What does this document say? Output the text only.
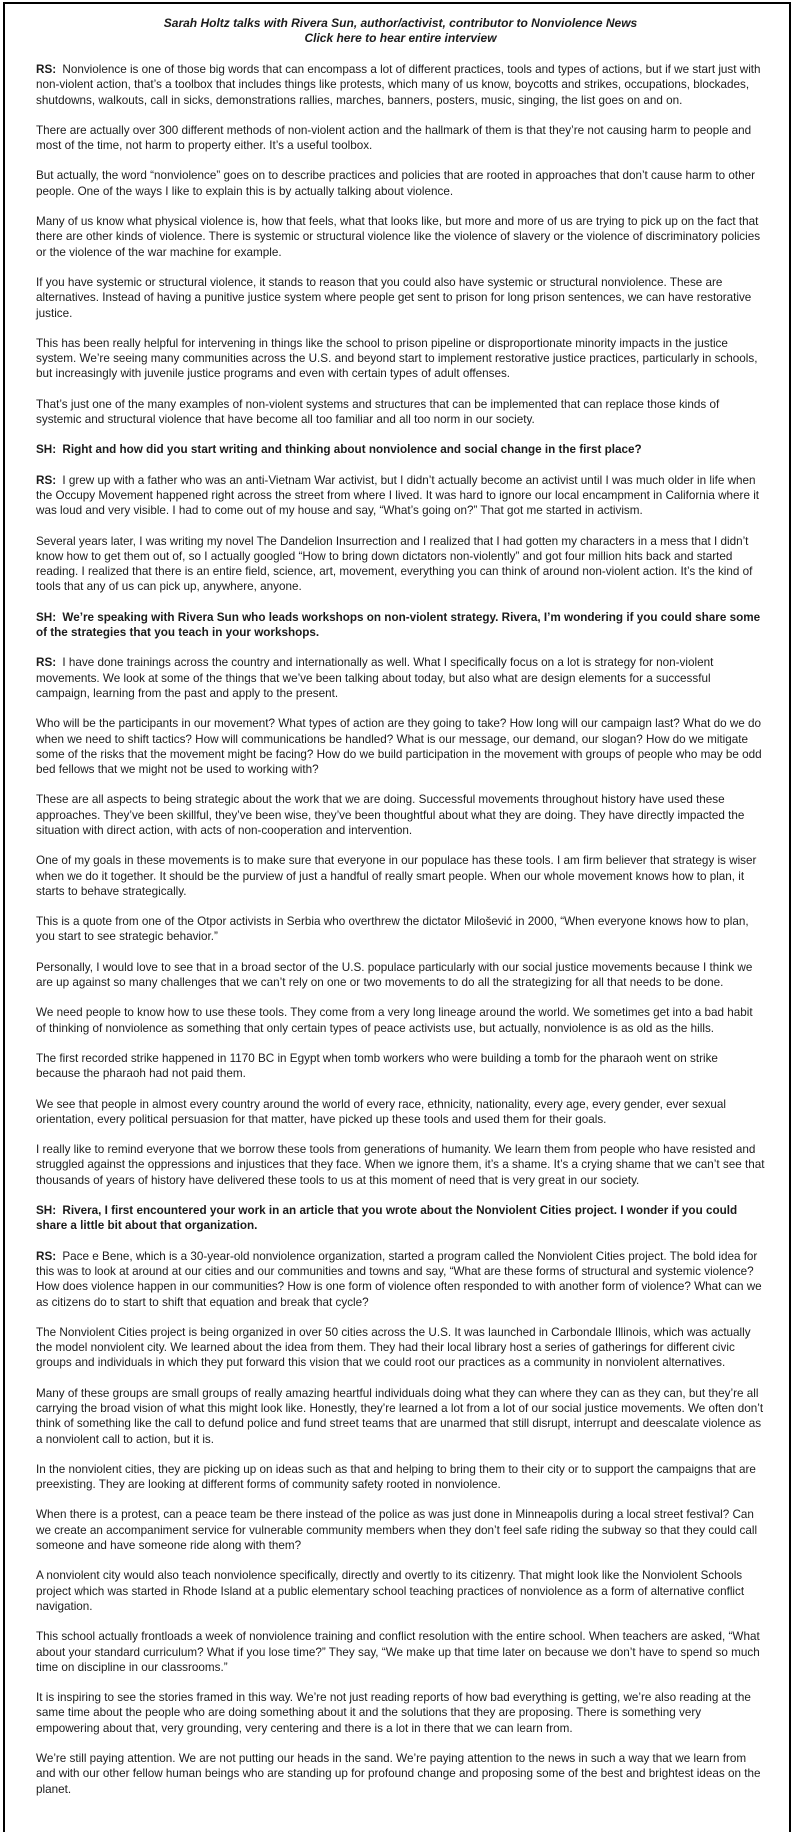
Sarah Holtz talks with Rivera Sun, author/activist, contributor to Nonviolence News
Click here to hear entire interview

RS: Nonviolence is one of those big words that can encompass a lot of different practices, tools and types of actions, but if we start just with non-violent action, that’s a toolbox that includes things like protests, which many of us know, boycotts and strikes, occupations, blockades, shutdowns, walkouts, call in sicks, demonstrations rallies, marches, banners, posters, music, singing, the list goes on and on.

There are actually over 300 different methods of non-violent action and the hallmark of them is that they’re not causing harm to people and most of the time, not harm to property either. It’s a useful toolbox.

But actually, the word “nonviolence” goes on to describe practices and policies that are rooted in approaches that don’t cause harm to other people. One of the ways I like to explain this is by actually talking about violence.

Many of us know what physical violence is, how that feels, what that looks like, but more and more of us are trying to pick up on the fact that there are other kinds of violence. There is systemic or structural violence like the violence of slavery or the violence of discriminatory policies or the violence of the war machine for example.

If you have systemic or structural violence, it stands to reason that you could also have systemic or structural nonviolence. These are alternatives. Instead of having a punitive justice system where people get sent to prison for long prison sentences, we can have restorative justice.

This has been really helpful for intervening in things like the school to prison pipeline or disproportionate minority impacts in the justice system. We’re seeing many communities across the U.S. and beyond start to implement restorative justice practices, particularly in schools, but increasingly with juvenile justice programs and even with certain types of adult offenses.

That’s just one of the many examples of non-violent systems and structures that can be implemented that can replace those kinds of systemic and structural violence that have become all too familiar and all too norm in our society.

SH: Right and how did you start writing and thinking about nonviolence and social change in the first place?

RS: I grew up with a father who was an anti-Vietnam War activist, but I didn’t actually become an activist until I was much older in life when the Occupy Movement happened right across the street from where I lived. It was hard to ignore our local encampment in California where it was loud and very visible. I had to come out of my house and say, “What’s going on?” That got me started in activism.

Several years later, I was writing my novel The Dandelion Insurrection and I realized that I had gotten my characters in a mess that I didn’t know how to get them out of, so I actually googled “How to bring down dictators non-violently” and got four million hits back and started reading. I realized that there is an entire field, science, art, movement, everything you can think of around non-violent action. It’s the kind of tools that any of us can pick up, anywhere, anyone.

SH: We’re speaking with Rivera Sun who leads workshops on non-violent strategy. Rivera, I’m wondering if you could share some of the strategies that you teach in your workshops.

RS: I have done trainings across the country and internationally as well. What I specifically focus on a lot is strategy for non-violent movements. We look at some of the things that we’ve been talking about today, but also what are design elements for a successful campaign, learning from the past and apply to the present.

Who will be the participants in our movement? What types of action are they going to take? How long will our campaign last? What do we do when we need to shift tactics? How will communications be handled? What is our message, our demand, our slogan? How do we mitigate some of the risks that the movement might be facing? How do we build participation in the movement with groups of people who may be odd bed fellows that we might not be used to working with?

These are all aspects to being strategic about the work that we are doing. Successful movements throughout history have used these approaches. They’ve been skillful, they’ve been wise, they’ve been thoughtful about what they are doing. They have directly impacted the situation with direct action, with acts of non-cooperation and intervention.

One of my goals in these movements is to make sure that everyone in our populace has these tools. I am firm believer that strategy is wiser when we do it together. It should be the purview of just a handful of really smart people. When our whole movement knows how to plan, it starts to behave strategically.

This is a quote from one of the Otpor activists in Serbia who overthrew the dictator Milošević in 2000, “When everyone knows how to plan, you start to see strategic behavior.”

Personally, I would love to see that in a broad sector of the U.S. populace particularly with our social justice movements because I think we are up against so many challenges that we can’t rely on one or two movements to do all the strategizing for all that needs to be done.

We need people to know how to use these tools. They come from a very long lineage around the world. We sometimes get into a bad habit of thinking of nonviolence as something that only certain types of peace activists use, but actually, nonviolence is as old as the hills.

The first recorded strike happened in 1170 BC in Egypt when tomb workers who were building a tomb for the pharaoh went on strike because the pharaoh had not paid them.

We see that people in almost every country around the world of every race, ethnicity, nationality, every age, every gender, ever sexual orientation, every political persuasion for that matter, have picked up these tools and used them for their goals.

I really like to remind everyone that we borrow these tools from generations of humanity. We learn them from people who have resisted and struggled against the oppressions and injustices that they face. When we ignore them, it’s a shame. It’s a crying shame that we can’t see that thousands of years of history have delivered these tools to us at this moment of need that is very great in our society.

SH: Rivera, I first encountered your work in an article that you wrote about the Nonviolent Cities project. I wonder if you could share a little bit about that organization.

RS: Pace e Bene, which is a 30-year-old nonviolence organization, started a program called the Nonviolent Cities project. The bold idea for this was to look at around at our cities and our communities and towns and say, “What are these forms of structural and systemic violence? How does violence happen in our communities? How is one form of violence often responded to with another form of violence? What can we as citizens do to start to shift that equation and break that cycle?

The Nonviolent Cities project is being organized in over 50 cities across the U.S. It was launched in Carbondale Illinois, which was actually the model nonviolent city. We learned about the idea from them. They had their local library host a series of gatherings for different civic groups and individuals in which they put forward this vision that we could root our practices as a community in nonviolent alternatives.

Many of these groups are small groups of really amazing heartful individuals doing what they can where they can as they can, but they’re all carrying the broad vision of what this might look like. Honestly, they’re learned a lot from a lot of our social justice movements. We often don’t think of something like the call to defund police and fund street teams that are unarmed that still disrupt, interrupt and deescalate violence as a nonviolent call to action, but it is.

In the nonviolent cities, they are picking up on ideas such as that and helping to bring them to their city or to support the campaigns that are preexisting. They are looking at different forms of community safety rooted in nonviolence.

When there is a protest, can a peace team be there instead of the police as was just done in Minneapolis during a local street festival? Can we create an accompaniment service for vulnerable community members when they don’t feel safe riding the subway so that they could call someone and have someone ride along with them?

A nonviolent city would also teach nonviolence specifically, directly and overtly to its citizenry. That might look like the Nonviolent Schools project which was started in Rhode Island at a public elementary school teaching practices of nonviolence as a form of alternative conflict navigation.

This school actually frontloads a week of nonviolence training and conflict resolution with the entire school. When teachers are asked, “What about your standard curriculum? What if you lose time?” They say, “We make up that time later on because we don’t have to spend so much time on discipline in our classrooms.”

It is inspiring to see the stories framed in this way. We’re not just reading reports of how bad everything is getting, we’re also reading at the same time about the people who are doing something about it and the solutions that they are proposing. There is something very empowering about that, very grounding, very centering and there is a lot in there that we can learn from.

We’re still paying attention. We are not putting our heads in the sand. We’re paying attention to the news in such a way that we learn from and with our other fellow human beings who are standing up for profound change and proposing some of the best and brightest ideas on the planet.
